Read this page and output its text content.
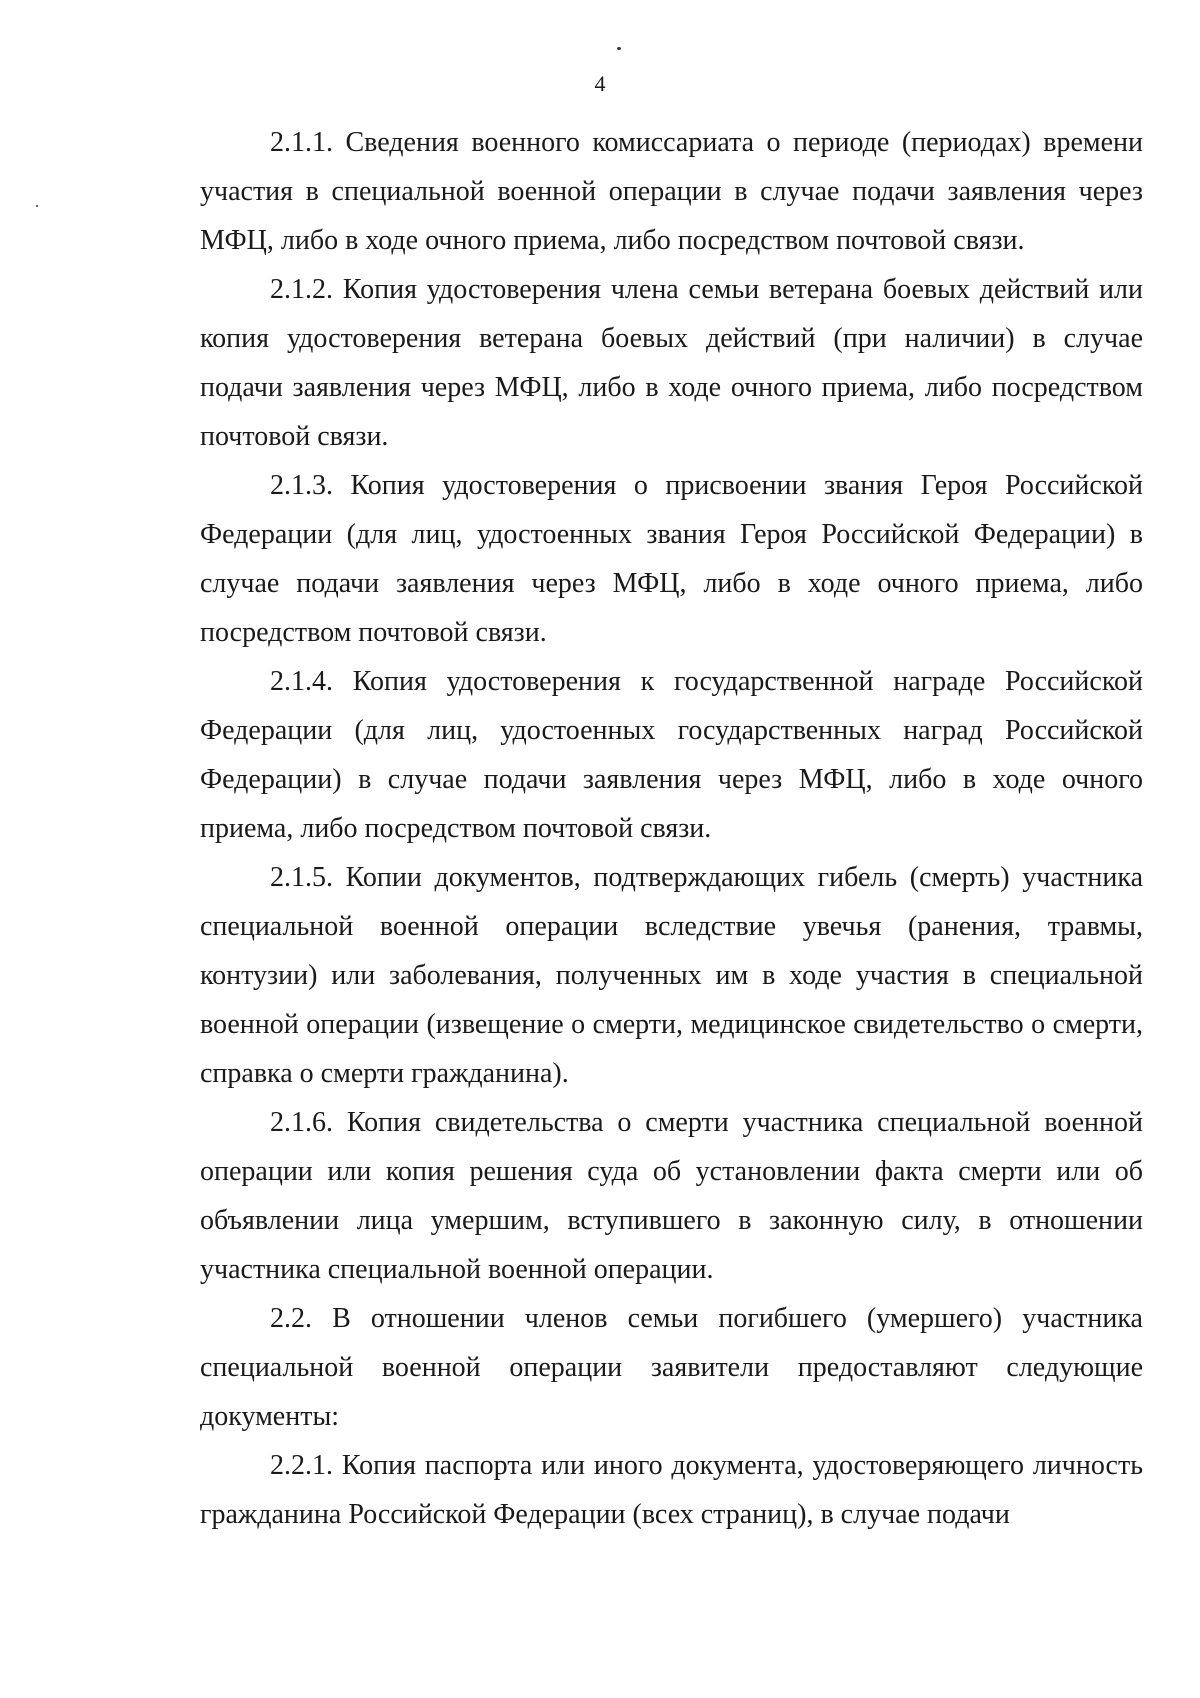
4

2.1.1. Сведения военного комиссариата о периоде (периодах) времени участия в специальной военной операции в случае подачи заявления через МФЦ, либо в ходе очного приема, либо посредством почтовой связи.

2.1.2. Копия удостоверения члена семьи ветерана боевых действий или копия удостоверения ветерана боевых действий (при наличии) в случае подачи заявления через МФЦ, либо в ходе очного приема, либо посредством почтовой связи.

2.1.3. Копия удостоверения о присвоении звания Героя Российской Федерации (для лиц, удостоенных звания Героя Российской Федерации) в случае подачи заявления через МФЦ, либо в ходе очного приема, либо посредством почтовой связи.

2.1.4. Копия удостоверения к государственной награде Российской Федерации (для лиц, удостоенных государственных наград Российской Федерации) в случае подачи заявления через МФЦ, либо в ходе очного приема, либо посредством почтовой связи.

2.1.5. Копии документов, подтверждающих гибель (смерть) участника специальной военной операции вследствие увечья (ранения, травмы, контузии) или заболевания, полученных им в ходе участия в специальной военной операции (извещение о смерти, медицинское свидетельство о смерти, справка о смерти гражданина).

2.1.6. Копия свидетельства о смерти участника специальной военной операции или копия решения суда об установлении факта смерти или об объявлении лица умершим, вступившего в законную силу, в отношении участника специальной военной операции.

2.2. В отношении членов семьи погибшего (умершего) участника специальной военной операции заявители предоставляют следующие документы:

2.2.1. Копия паспорта или иного документа, удостоверяющего личность гражданина Российской Федерации (всех страниц), в случае подачи
